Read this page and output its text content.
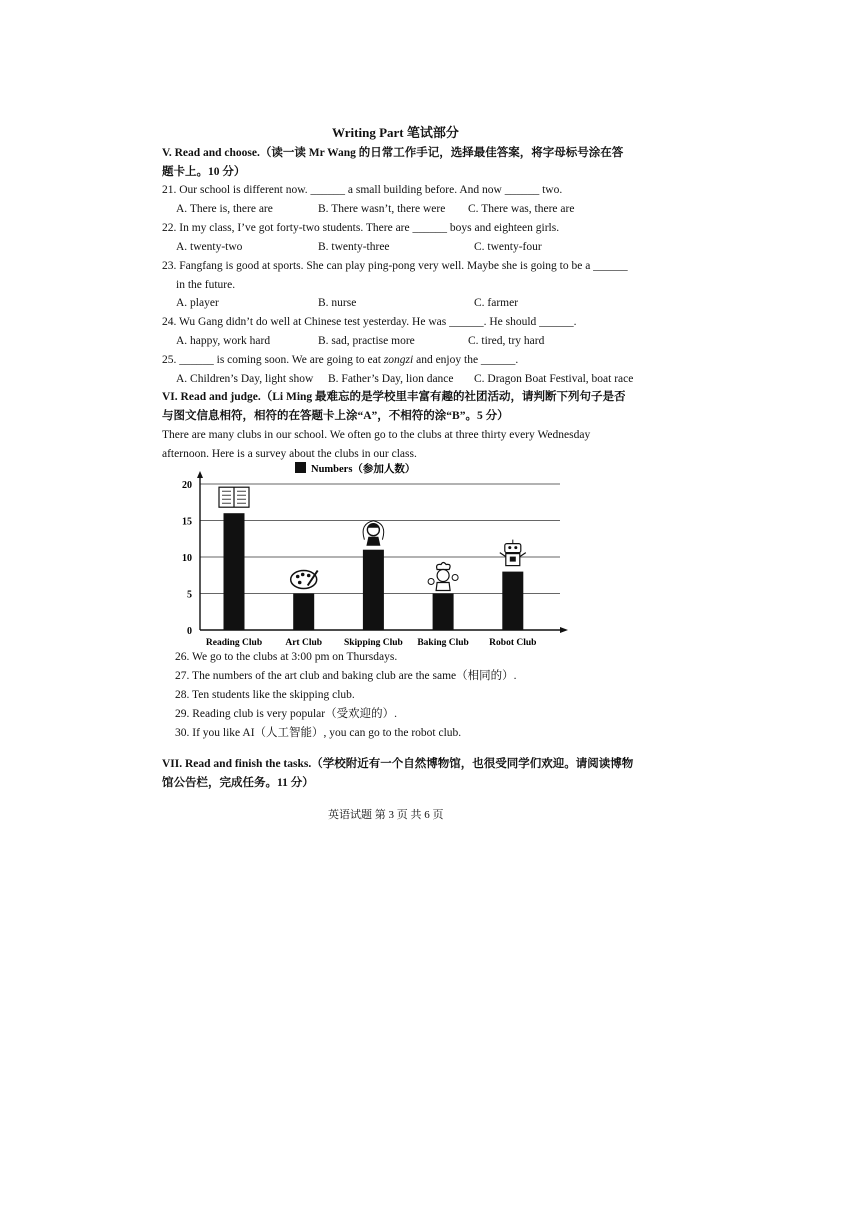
Writing Part 笔试部分
V. Read and choose.（读一读 Mr Wang 的日常工作手记，选择最佳答案，将字母标号涂在答
题卡上。10 分）
21. Our school is different now. ______ a small building before. And now ______ two.
A. There is, there are	B. There wasn’t, there were C. There was, there are
22. In my class, I’ve got forty-two students. There are ______ boys and eighteen girls.
A. twenty-two	B. twenty-three	C. twenty-four
23. Fangfang is good at sports. She can play ping-pong very well. Maybe she is going to be a ______
in the future.
A. player	B. nurse	C. farmer
24. Wu Gang didn’t do well at Chinese test yesterday. He was ______. He should ______.
A. happy, work hard	B. sad, practise more	C. tired, try hard
25. ______ is coming soon. We are going to eat zongzi and enjoy the ______.
A. Children’s Day, light show B. Father’s Day, lion dance C. Dragon Boat Festival, boat race
VI. Read and judge.（Li Ming 最难忘的是学校里丰富有趣的社团活动，请判断下列句子是否
与图文信息相符，相符的在答题卡上涂“A”，不相符的涂“B”。5 分）
There are many clubs in our school. We often go to the clubs at three thirty every Wednesday
afternoon. Here is a survey about the clubs in our class.
0
5
10
15
20
Reading Club Art Club Skipping Club Baking Club Robot Club
Numbers（参加人数）
26. We go to the clubs at 3:00 pm on Thursdays.
27. The numbers of the art club and baking club are the same（相同的）.
28. Ten students like the skipping club.
29. Reading club is very popular（受欢迎的）.
30. If you like AI（人工智能）, you can go to the robot club.
VII. Read and finish the tasks.（学校附近有一个自然博物馆，也很受同学们欢迎。请阅读博物
馆公告栏，完成任务。11 分）
英语试题 第 3 页 共 6 页
